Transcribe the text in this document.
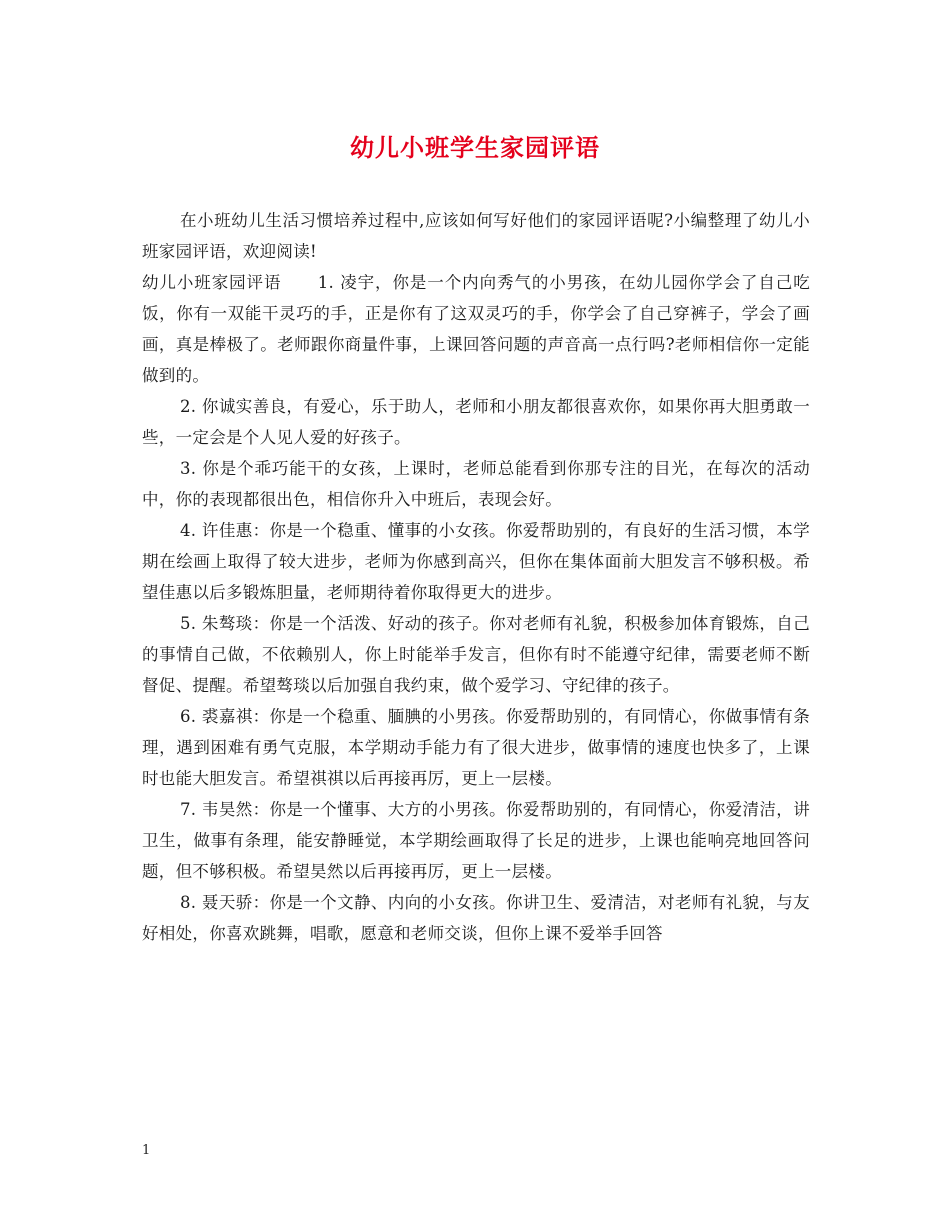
幼儿小班学生家园评语

在小班幼儿生活习惯培养过程中,应该如何写好他们的家园评语呢?小编整理了幼儿小班家园评语，欢迎阅读!

幼儿小班家园评语 1. 凌宇，你是一个内向秀气的小男孩，在幼儿园你学会了自己吃饭，你有一双能干灵巧的手，正是你有了这双灵巧的手，你学会了自己穿裤子，学会了画画，真是棒极了。老师跟你商量件事，上课回答问题的声音高一点行吗?老师相信你一定能做到的。

2. 你诚实善良，有爱心，乐于助人，老师和小朋友都很喜欢你，如果你再大胆勇敢一些，一定会是个人见人爱的好孩子。

3. 你是个乖巧能干的女孩，上课时，老师总能看到你那专注的目光，在每次的活动中，你的表现都很出色，相信你升入中班后，表现会好。

4. 许佳惠：你是一个稳重、懂事的小女孩。你爱帮助别的，有良好的生活习惯，本学期在绘画上取得了较大进步，老师为你感到高兴，但你在集体面前大胆发言不够积极。希望佳惠以后多锻炼胆量，老师期待着你取得更大的进步。

5. 朱骜琰：你是一个活泼、好动的孩子。你对老师有礼貌，积极参加体育锻炼，自己的事情自己做，不依赖别人，你上时能举手发言，但你有时不能遵守纪律，需要老师不断督促、提醒。希望骜琰以后加强自我约束，做个爱学习、守纪律的孩子。

6. 裘嘉祺：你是一个稳重、腼腆的小男孩。你爱帮助别的，有同情心，你做事情有条理，遇到困难有勇气克服，本学期动手能力有了很大进步，做事情的速度也快多了，上课时也能大胆发言。希望祺祺以后再接再厉，更上一层楼。

7. 韦昊然：你是一个懂事、大方的小男孩。你爱帮助别的，有同情心，你爱清洁，讲卫生，做事有条理，能安静睡觉，本学期绘画取得了长足的进步，上课也能响亮地回答问题，但不够积极。希望昊然以后再接再厉，更上一层楼。

8. 聂天骄：你是一个文静、内向的小女孩。你讲卫生、爱清洁，对老师有礼貌，与友好相处，你喜欢跳舞，唱歌，愿意和老师交谈，但你上课不爱举手回答

1
